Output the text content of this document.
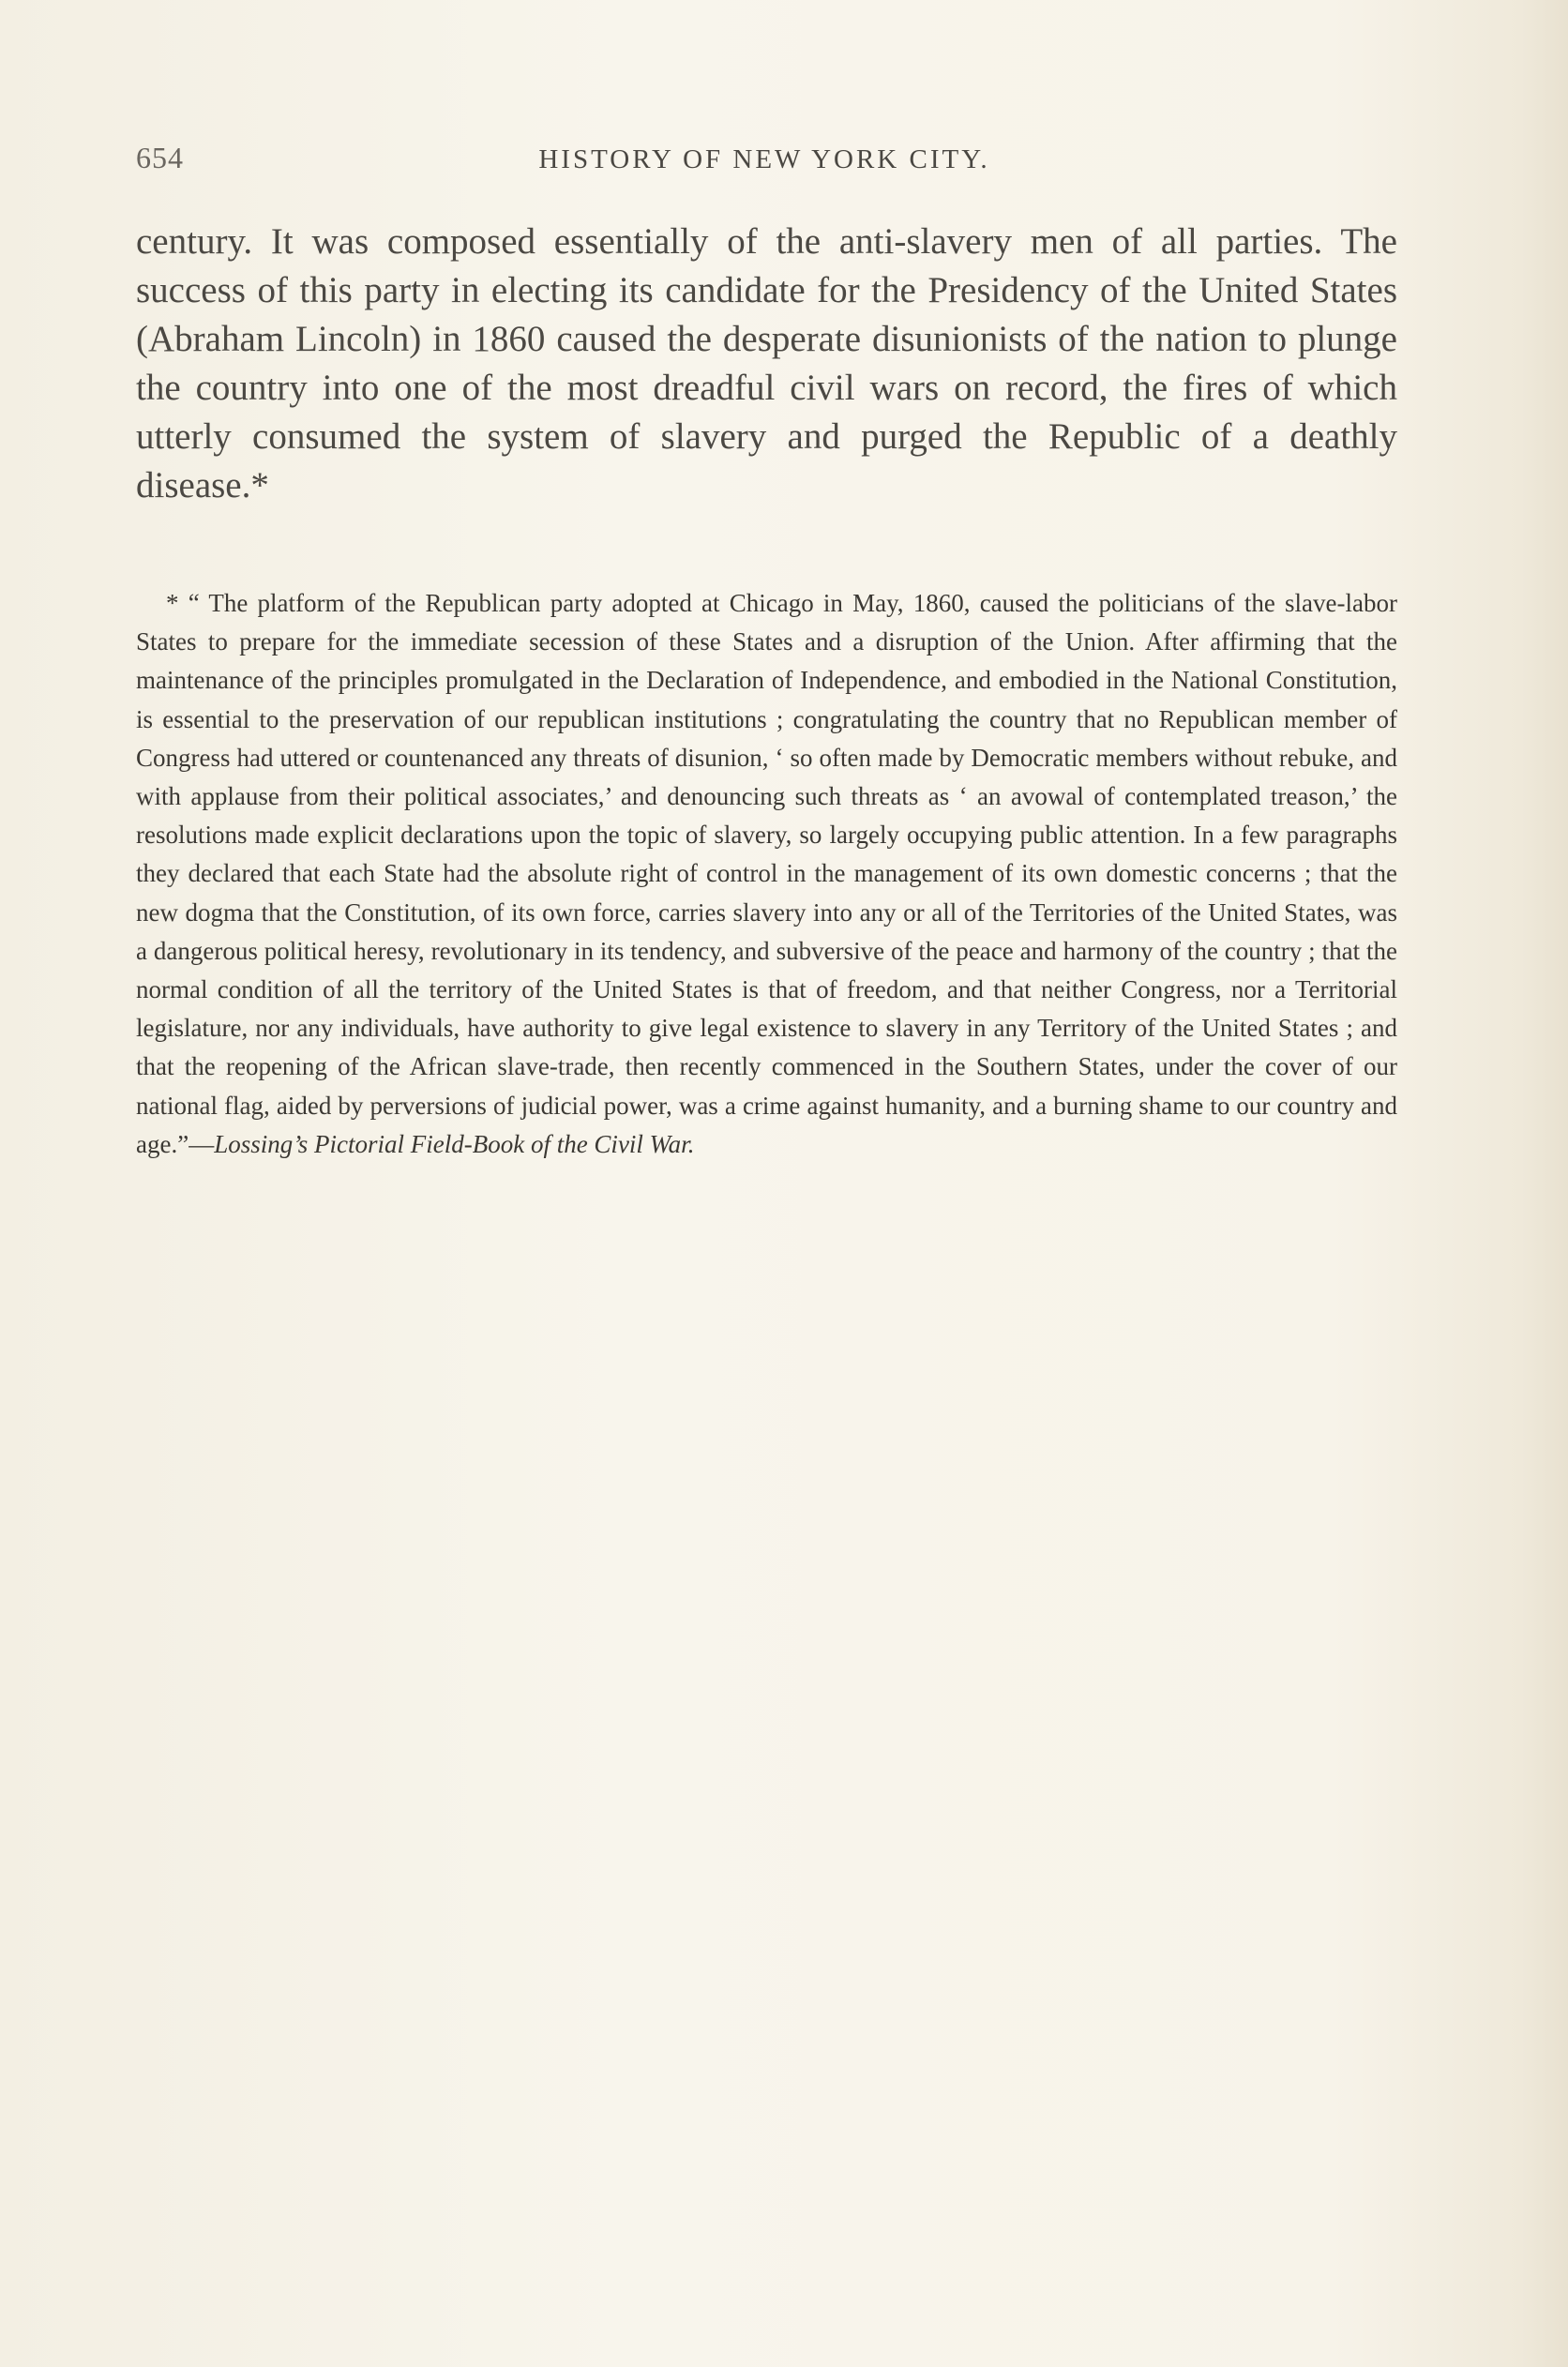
654	HISTORY OF NEW YORK CITY.

century. It was composed essentially of the anti-slavery men of all parties. The success of this party in electing its candidate for the Presidency of the United States (Abraham Lincoln) in 1860 caused the desperate disunionists of the nation to plunge the country into one of the most dreadful civil wars on record, the fires of which utterly consumed the system of slavery and purged the Republic of a deathly disease.*

* “ The platform of the Republican party adopted at Chicago in May, 1860, caused the politicians of the slave-labor States to prepare for the immediate secession of these States and a disruption of the Union. After affirming that the maintenance of the principles promulgated in the Declaration of Independence, and embodied in the National Constitution, is essential to the preservation of our republican institutions ; congratulating the country that no Republican member of Congress had uttered or countenanced any threats of disunion, ‘ so often made by Democratic members without rebuke, and with applause from their political associates,’ and denouncing such threats as ‘ an avowal of contemplated treason,’ the resolutions made explicit declarations upon the topic of slavery, so largely occupying public attention. In a few paragraphs they declared that each State had the absolute right of control in the management of its own domestic concerns ; that the new dogma that the Constitution, of its own force, carries slavery into any or all of the Territories of the United States, was a dangerous political heresy, revolutionary in its tendency, and subversive of the peace and harmony of the country ; that the normal condition of all the territory of the United States is that of freedom, and that neither Congress, nor a Territorial legislature, nor any individuals, have authority to give legal existence to slavery in any Territory of the United States ; and that the reopening of the African slave-trade, then recently commenced in the Southern States, under the cover of our national flag, aided by perversions of judicial power, was a crime against humanity, and a burning shame to our country and age.”—Lossing’s Pictorial Field-Book of the Civil War.
